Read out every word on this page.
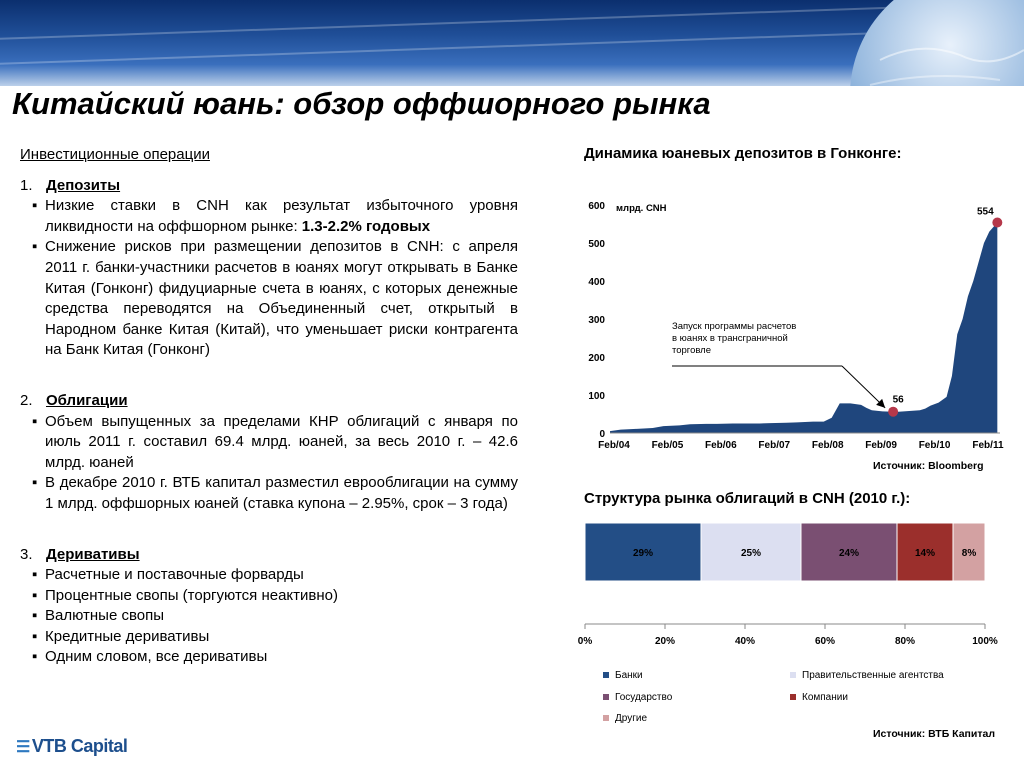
Китайский юань: обзор оффшорного рынка
Инвестиционные операции
1. Депозиты
▪ Низкие ставки в CNH как результат избыточного уровня ликвидности на оффшорном рынке: 1.3-2.2% годовых
▪ Снижение рисков при размещении депозитов в CNH: с апреля 2011 г. банки-участники расчетов в юанях могут открывать в Банке Китая (Гонконг) фидуциарные счета в юанях, с которых денежные средства переводятся на Объединенный счет, открытый в Народном банке Китая (Китай), что уменьшает риски контрагента на Банк Китая (Гонконг)
2. Облигации
▪ Объем выпущенных за пределами КНР облигаций с января по июль 2011 г. составил 69.4 млрд. юаней, за весь 2010 г. – 42.6 млрд. юаней
▪ В декабре 2010 г. ВТБ капитал разместил еврооблигации на сумму 1 млрд. оффшорных юаней (ставка купона – 2.95%, срок – 3 года)
3. Деривативы
▪ Расчетные и поставочные форварды
▪ Процентные свопы (торгуются неактивно)
▪ Валютные свопы
▪ Кредитные деривативы
▪ Одним словом, все деривативы
Динамика юаневых депозитов в Гонконге:
0
100
200
300
400
500
600 млрд. CNH
Feb/04 Feb/05 Feb/06 Feb/07 Feb/08 Feb/09 Feb/10 Feb/11
Запуск программы расчетов
в юанях в трансграничной
торговле
56
554
Источник: Bloomberg
Структура рынка облигаций в CNH (2010 г.):
29%	25%	24%	14%	8%
0%	20%	40%	60%	80%	100%
Банки	Правительственные агентства
Государство	Компании
Другие
Источник: ВТБ Капитал
☰ VTB Capital
